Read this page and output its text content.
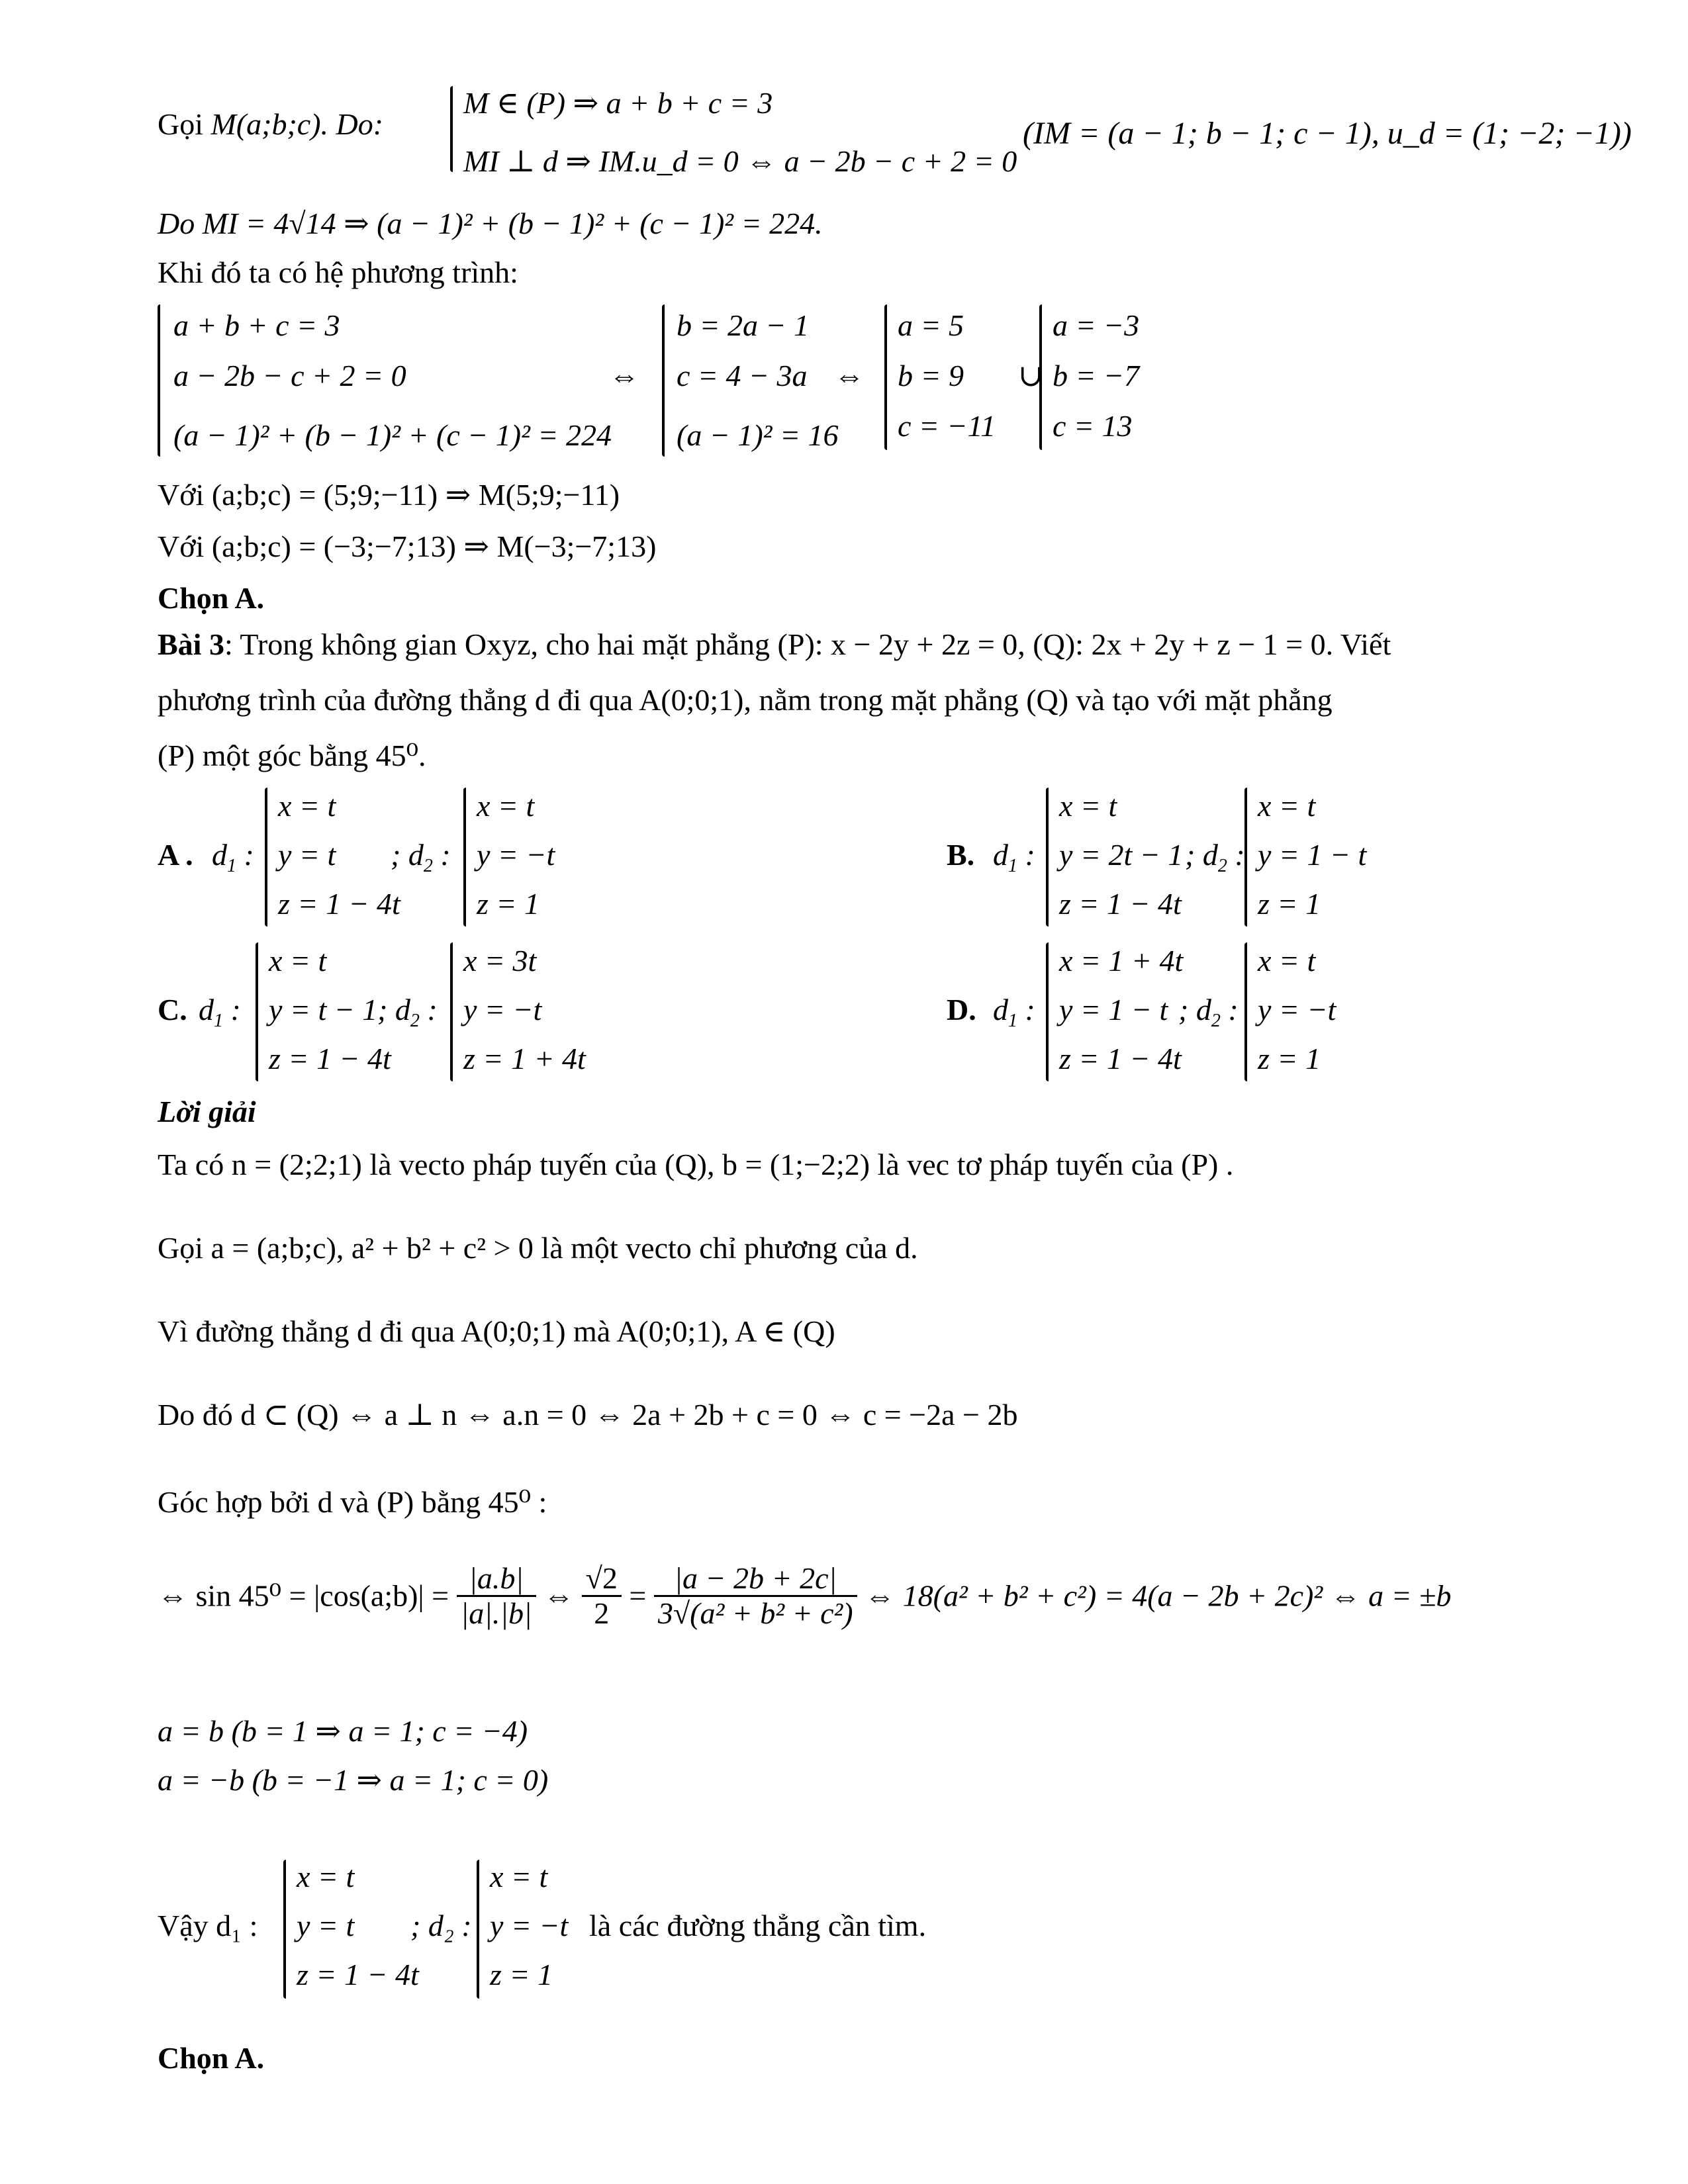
Gọi M(a;b;c). Do:
M ∈ (P) ⇒ a + b + c = 3
MI ⊥ d ⇒ IM.u_d = 0 ⇔ a − 2b − c + 2 = 0
(IM = (a − 1; b − 1; c − 1), u_d = (1; −2; −1))
Do MI = 4√14 ⇒ (a − 1)² + (b − 1)² + (c − 1)² = 224.
Khi đó ta có hệ phương trình:
a + b + c = 3
a − 2b − c + 2 = 0
(a − 1)² + (b − 1)² + (c − 1)² = 224
⇔
b = 2a − 1
c = 4 − 3a
(a − 1)² = 16
⇔
a = 5
b = 9
c = −11
∪
a = −3
b = −7
c = 13
Với (a;b;c) = (5;9;−11) ⇒ M(5;9;−11)
Với (a;b;c) = (−3;−7;13) ⇒ M(−3;−7;13)
Chọn A.
Bài 3: Trong không gian Oxyz, cho hai mặt phẳng (P): x − 2y + 2z = 0, (Q): 2x + 2y + z − 1 = 0. Viết
phương trình của đường thẳng d đi qua A(0;0;1), nằm trong mặt phẳng (Q) và tạo với mặt phẳng
(P) một góc bằng 45⁰.
A . $d_1$ :
x = t
y = t
z = 1 − 4t
; $d_2$ :
x = t
y = −t
z = 1
B. $d_1$ :
x = t
y = 2t − 1
z = 1 − 4t
; $d_2$ :
x = t
y = 1 − t
z = 1
C. $d_1$ :
x = t
y = t − 1
z = 1 − 4t
; $d_2$ :
x = 3t
y = −t
z = 1 + 4t
D. $d_1$ :
x = 1 + 4t
y = 1 − t
z = 1 − 4t
; $d_2$ :
x = t
y = −t
z = 1
Lời giải
Ta có n = (2;2;1) là vecto pháp tuyến của (Q), b = (1;−2;2) là vec tơ pháp tuyến của (P) .
Gọi a = (a;b;c), a² + b² + c² > 0 là một vecto chỉ phương của d.
Vì đường thẳng d đi qua A(0;0;1) mà A(0;0;1), A ∈ (Q)
Do đó d ⊂ (Q) ⇔ a ⊥ n ⇔ a.n = 0 ⇔ 2a + 2b + c = 0 ⇔ c = −2a − 2b
Góc hợp bởi d và (P) bằng 45⁰ :
⇔ sin 45⁰ = |cos(a;b)| = $\frac{|a.b|}{|a|.|b|}$ ⇔ $\frac{√2}{2} = \frac{|a - 2b + 2c|}{\text{3√(a² + b² + c²)}}$ ⇔ 18(a² + b² + c²) = 4(a − 2b + 2c)² ⇔ a = ±b
a = b (b = 1 ⇒ a = 1; c = −4)
a = −b (b = −1 ⇒ a = 1; c = 0)
Vậy d₁ :
x = t
y = t
z = 1 − 4t
; d₂ :
x = t
y = −t
z = 1
là các đường thẳng cần tìm.
Chọn A.
